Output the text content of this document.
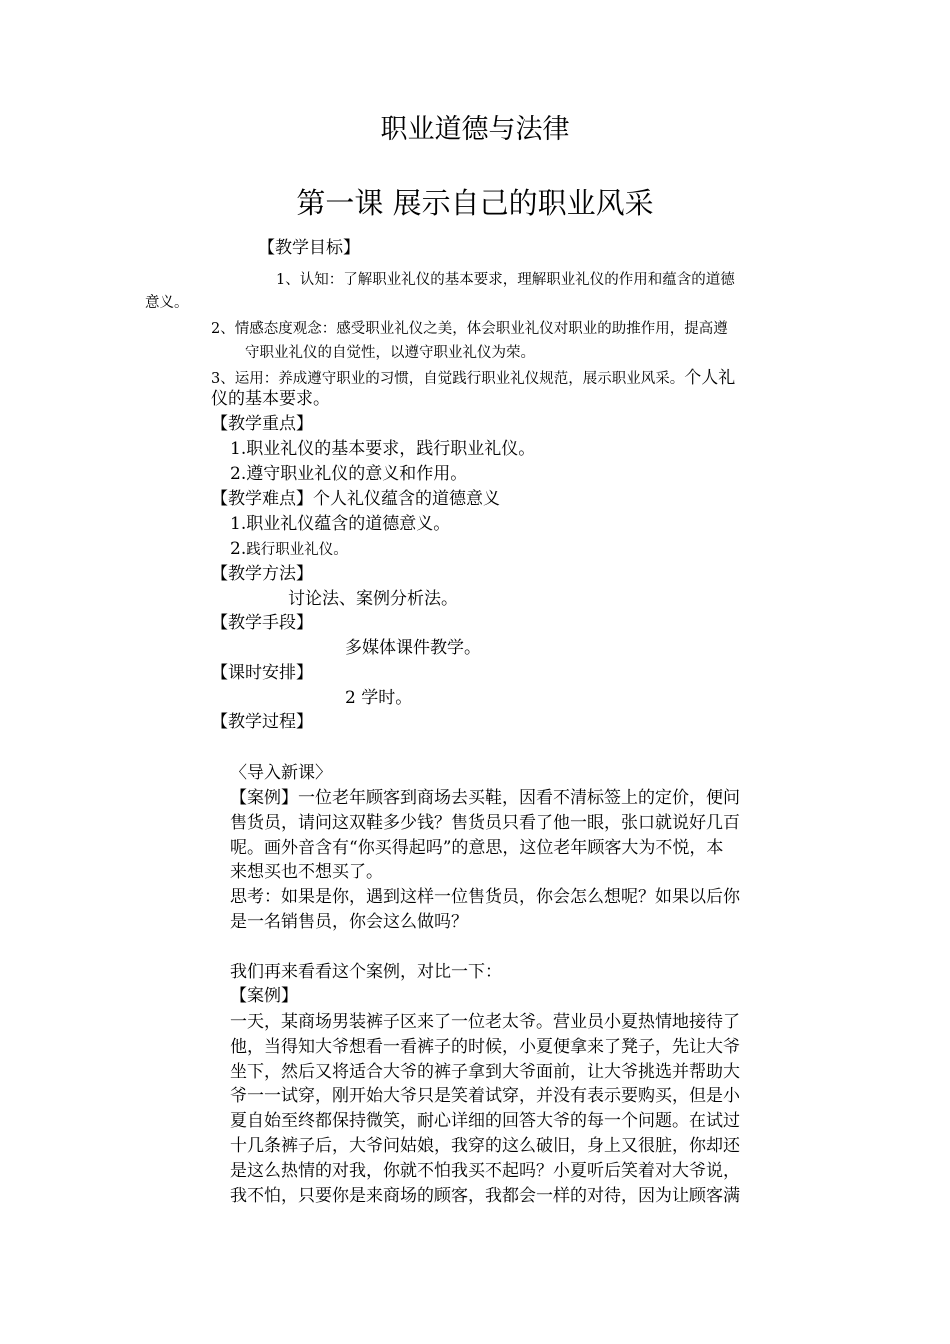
职业道德与法律
第一课 展示自己的职业风采
【教学目标】
1、认知：了解职业礼仪的基本要求，理解职业礼仪的作用和蕴含的道德
意义。
2、情感态度观念：感受职业礼仪之美，体会职业礼仪对职业的助推作用，提高遵
守职业礼仪的自觉性，以遵守职业礼仪为荣。
3、运用：养成遵守职业的习惯，自觉践行职业礼仪规范，展示职业风采。个人礼
仪的基本要求。
【教学重点】
1.职业礼仪的基本要求，践行职业礼仪。
2.遵守职业礼仪的意义和作用。
【教学难点】个人礼仪蕴含的道德意义
1.职业礼仪蕴含的道德意义。
2.践行职业礼仪。
【教学方法】
讨论法、案例分析法。
【教学手段】
多媒体课件教学。
【课时安排】
2 学时。
【教学过程】
〈导入新课〉
【案例】一位老年顾客到商场去买鞋，因看不清标签上的定价，便问
售货员，请问这双鞋多少钱？售货员只看了他一眼，张口就说好几百
呢。画外音含有“你买得起吗”的意思，这位老年顾客大为不悦，本
来想买也不想买了。
思考：如果是你，遇到这样一位售货员，你会怎么想呢？如果以后你
是一名销售员，你会这么做吗？
我们再来看看这个案例，对比一下：
【案例】
一天，某商场男装裤子区来了一位老太爷。营业员小夏热情地接待了
他，当得知大爷想看一看裤子的时候，小夏便拿来了凳子，先让大爷
坐下，然后又将适合大爷的裤子拿到大爷面前，让大爷挑选并帮助大
爷一一试穿，刚开始大爷只是笑着试穿，并没有表示要购买，但是小
夏自始至终都保持微笑，耐心详细的回答大爷的每一个问题。在试过
十几条裤子后，大爷问姑娘，我穿的这么破旧，身上又很脏，你却还
是这么热情的对我，你就不怕我买不起吗？小夏听后笑着对大爷说，
我不怕，只要你是来商场的顾客，我都会一样的对待，因为让顾客满
